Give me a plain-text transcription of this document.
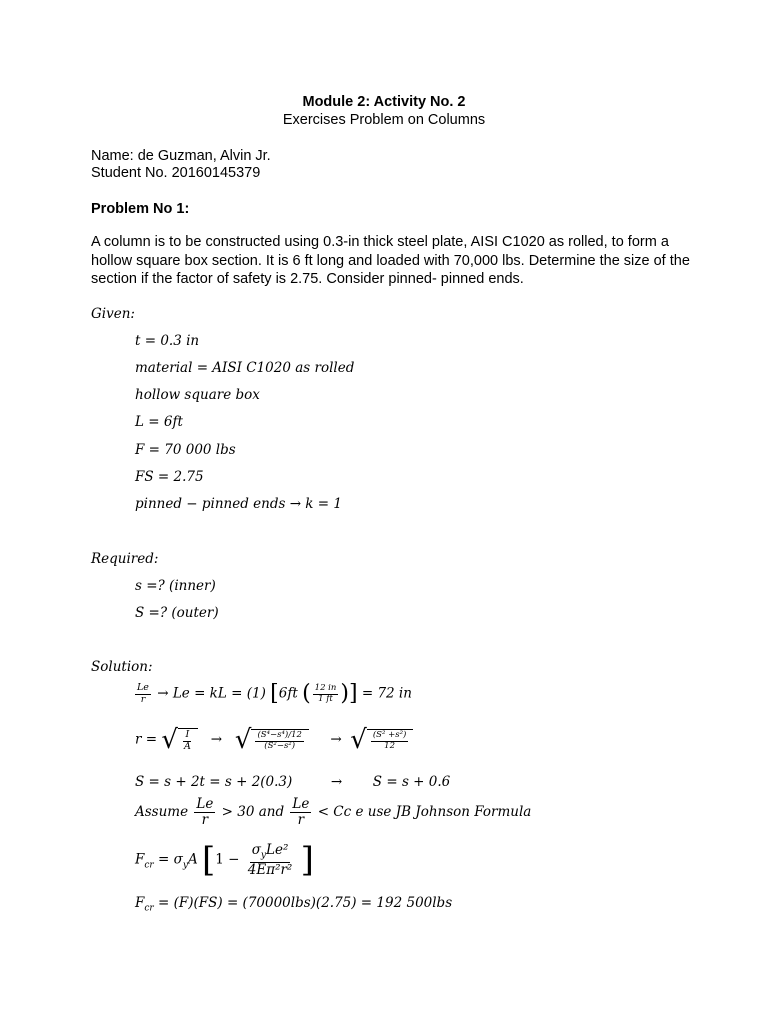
Module 2: Activity No. 2
Exercises Problem on Columns
Name: de Guzman, Alvin Jr.
Student No. 20160145379
Problem No 1:
A column is to be constructed using 0.3-in thick steel plate, AISI C1020 as rolled, to form a hollow square box section. It is 6 ft long and loaded with 70,000 lbs. Determine the size of the section if the factor of safety is 2.75. Consider pinned- pinned ends.
Given:
t = 0.3 in
material = AISI C1020 as rolled
hollow square box
L = 6ft
F = 70 000 lbs
FS = 2.75
pinned − pinned ends → k = 1
Required:
s =? (inner)
S =? (outer)
Solution:
$\frac{Le}{r} \to Le$ = kL = (1) [6ft ( $\frac{12 in}{1 ft}$ )] = 72 in
r = √ $\frac{I}{A}$ → √ $\frac{\text{(S⁴−s⁴)/12}}{\text{(S²−s²)}}$ → √ $\frac{\text{(S² +s²)}}{12}$
S = s + 2t = s + 2(0.3)	→ S = s + 0.6
Assume $\frac{Le}{r} > 30$ and $\frac{Le}{r} < Cc$ e use JB Johnson Formula
$F_{cr} = \sigma_yA$ [$1 - \frac{\sigma_yLe^2}{\text{4Eπ²r²}}$ ]
$F_{cr} = (F)(FS) = (70000lbs)(2.75) = 192$ 500lbs
